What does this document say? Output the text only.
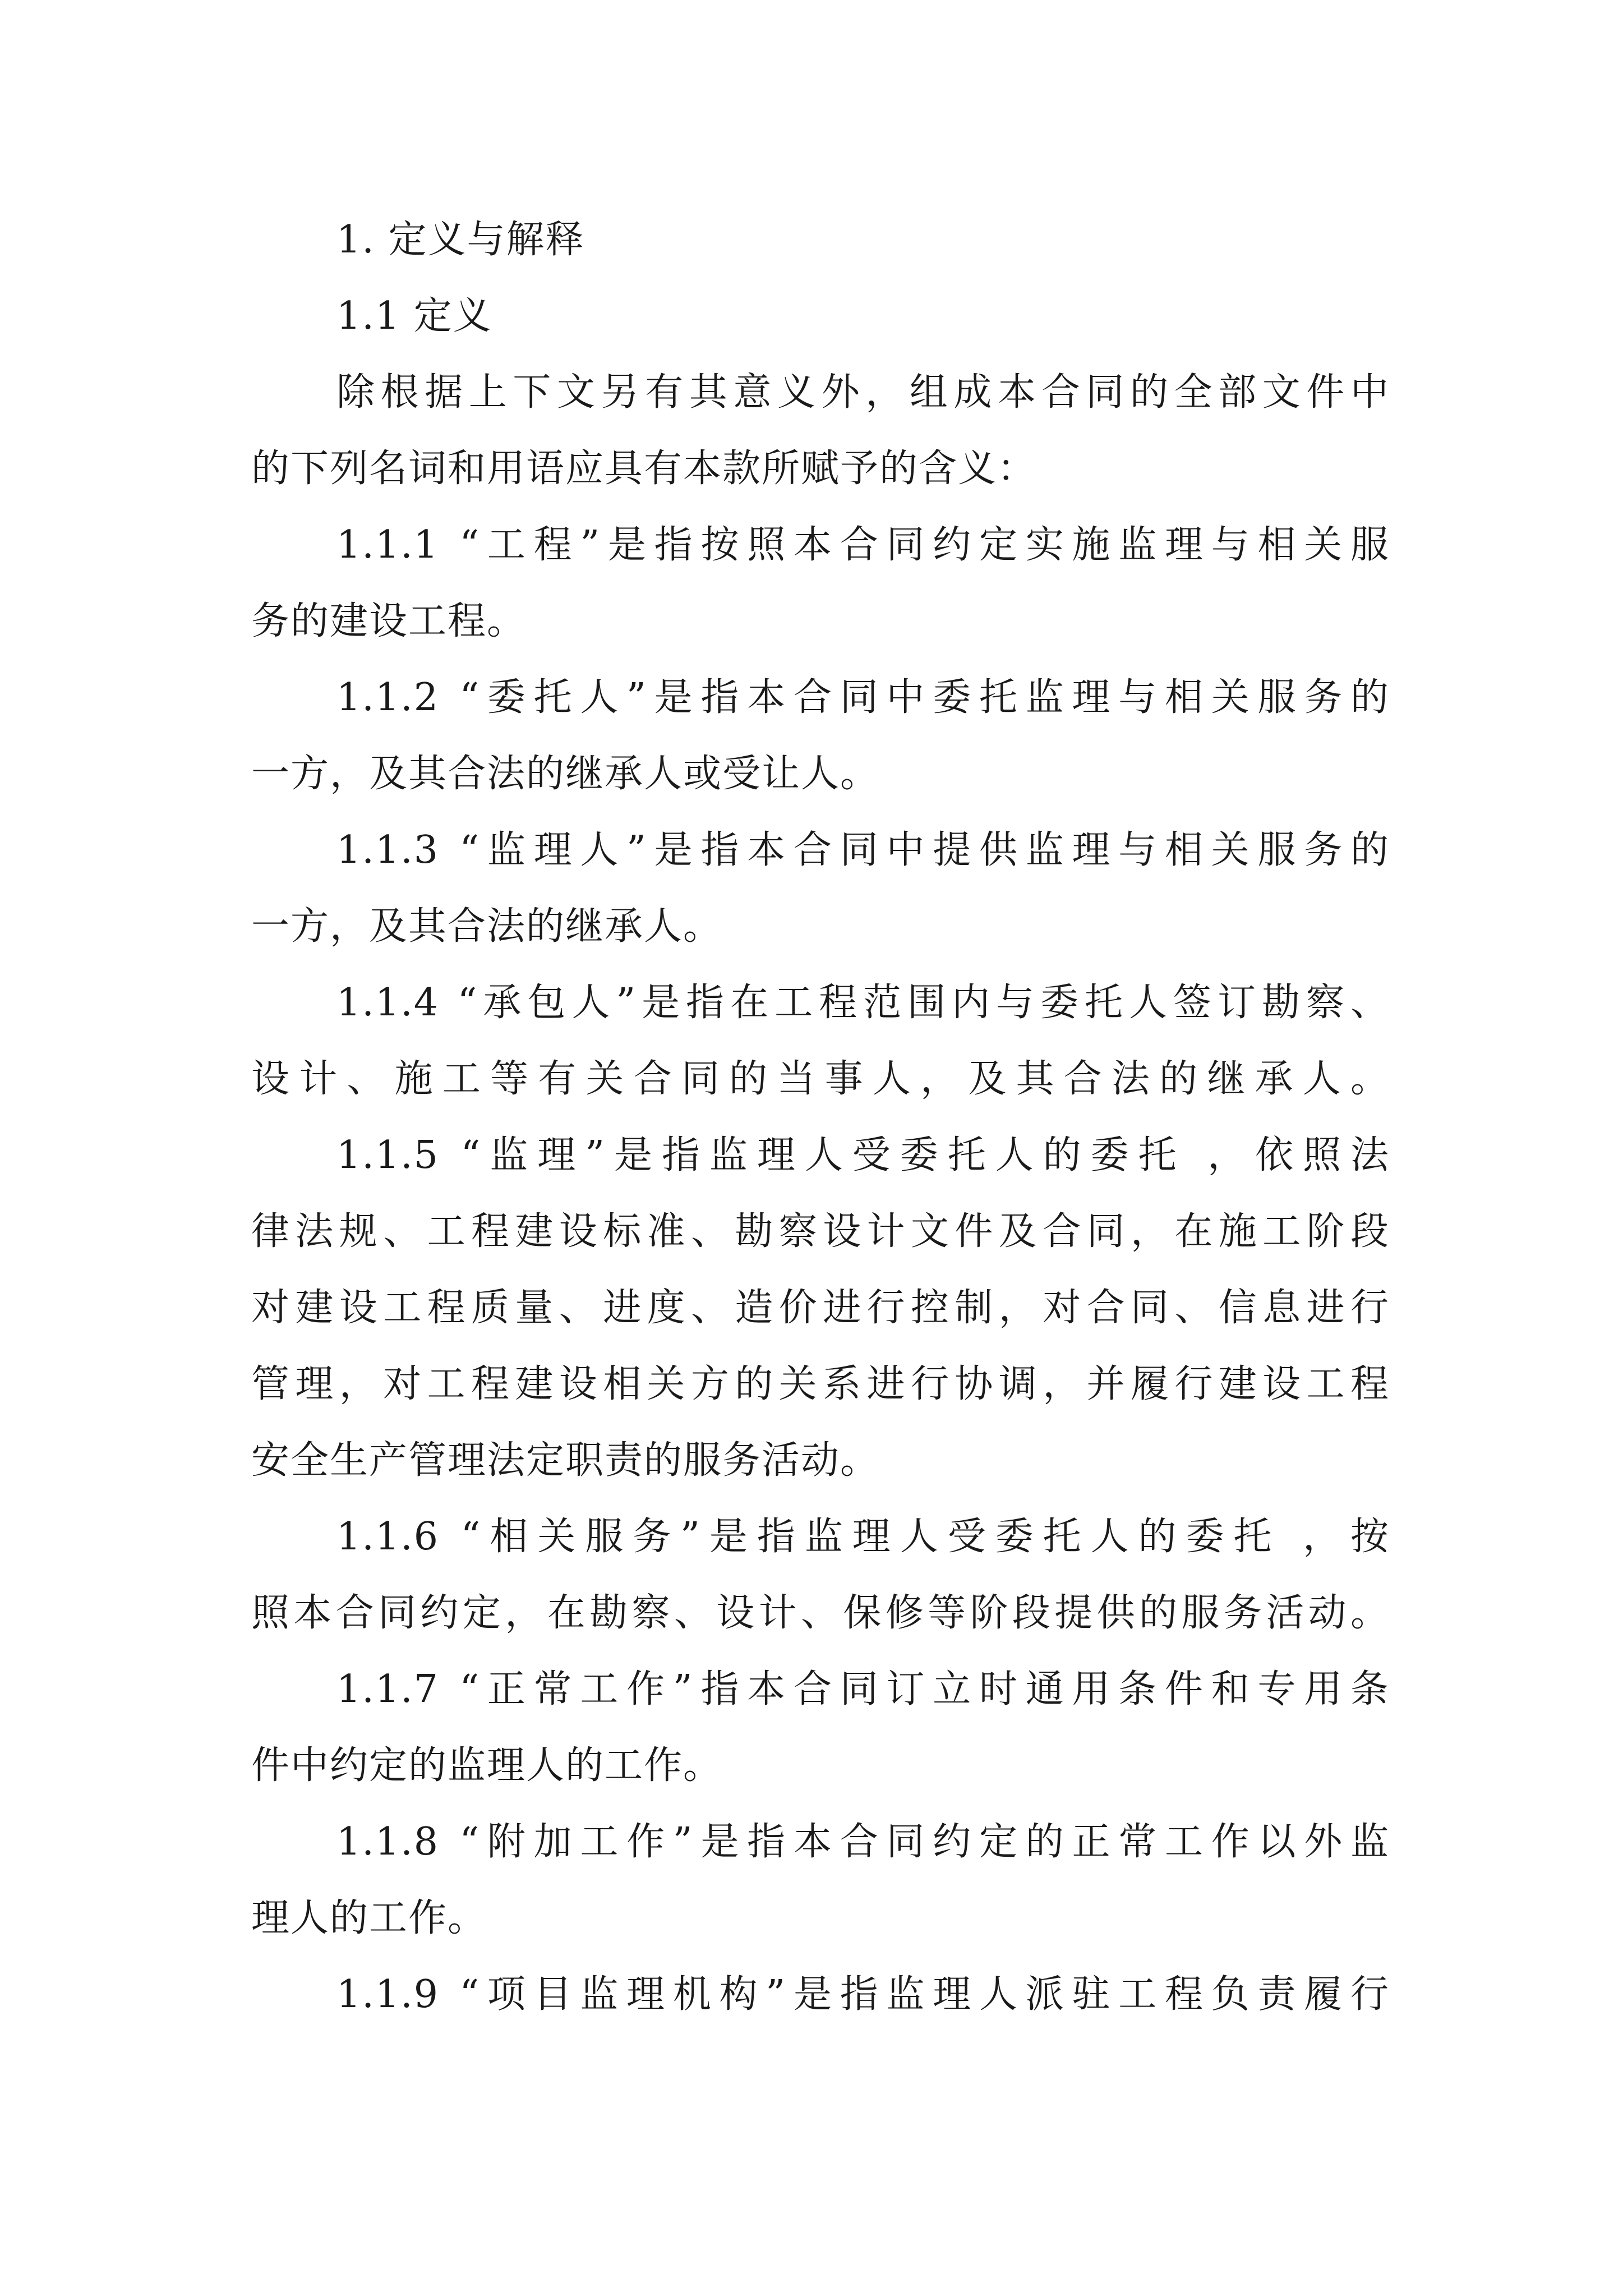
1. 定义与解释
1.1 定义
除根据上下文另有其意义外，组成本合同的全部文件中
的下列名词和用语应具有本款所赋予的含义：
1.1.1 “工程”是指按照本合同约定实施监理与相关服
务的建设工程。
1.1.2 “委托人”是指本合同中委托监理与相关服务的
一方，及其合法的继承人或受让人。
1.1.3 “监理人”是指本合同中提供监理与相关服务的
一方，及其合法的继承人。
1.1.4 “承包人”是指在工程范围内与委托人签订勘察、
设计、施工等有关合同的当事人，及其合法的继承人。
1.1.5 “监理”是指监理人受委托人的委托 ，依照法
律法规、工程建设标准、勘察设计文件及合同，在施工阶段
对建设工程质量、进度、造价进行控制，对合同、信息进行
管理，对工程建设相关方的关系进行协调，并履行建设工程
安全生产管理法定职责的服务活动。
1.1.6 “相关服务”是指监理人受委托人的委托 ，按
照本合同约定，在勘察、设计、保修等阶段提供的服务活动。
1.1.7 “正常工作”指本合同订立时通用条件和专用条
件中约定的监理人的工作。
1.1.8 “附加工作”是指本合同约定的正常工作以外监
理人的工作。
1.1.9 “项目监理机构”是指监理人派驻工程负责履行
